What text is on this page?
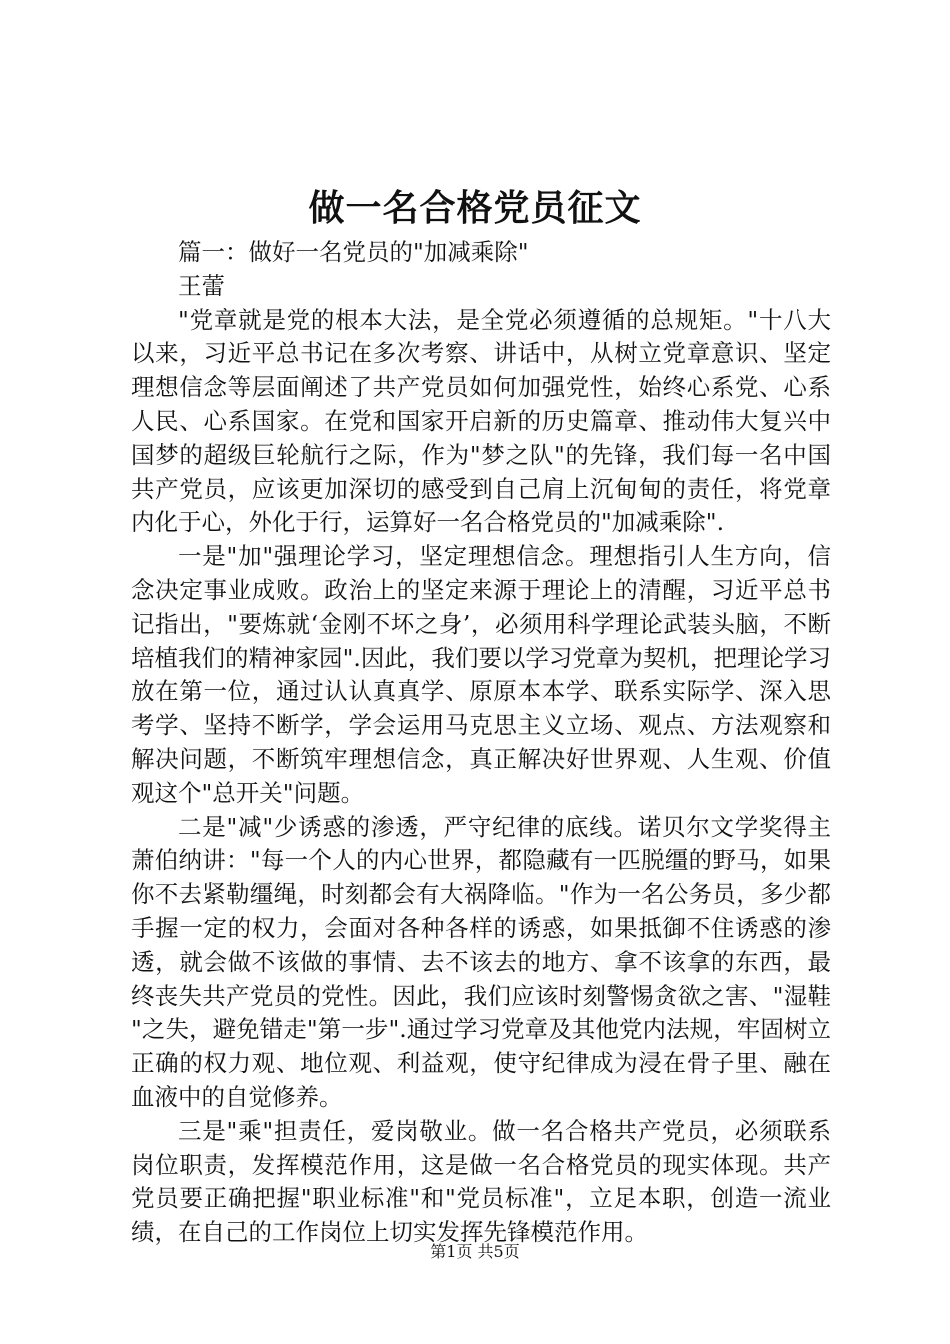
做一名合格党员征文

篇一：做好一名党员的"加减乘除"

王蕾

"党章就是党的根本大法，是全党必须遵循的总规矩。"十八大以来，习近平总书记在多次考察、讲话中，从树立党章意识、坚定理想信念等层面阐述了共产党员如何加强党性，始终心系党、心系人民、心系国家。在党和国家开启新的历史篇章、推动伟大复兴中国梦的超级巨轮航行之际，作为"梦之队"的先锋，我们每一名中国共产党员，应该更加深切的感受到自己肩上沉甸甸的责任，将党章内化于心，外化于行，运算好一名合格党员的"加减乘除".

一是"加"强理论学习，坚定理想信念。理想指引人生方向，信念决定事业成败。政治上的坚定来源于理论上的清醒，习近平总书记指出，"要炼就‘金刚不坏之身’，必须用科学理论武装头脑，不断培植我们的精神家园".因此，我们要以学习党章为契机，把理论学习放在第一位，通过认认真真学、原原本本学、联系实际学、深入思考学、坚持不断学，学会运用马克思主义立场、观点、方法观察和解决问题，不断筑牢理想信念，真正解决好世界观、人生观、价值观这个"总开关"问题。

二是"减"少诱惑的渗透，严守纪律的底线。诺贝尔文学奖得主萧伯纳讲："每一个人的内心世界，都隐藏有一匹脱缰的野马，如果你不去紧勒缰绳，时刻都会有大祸降临。"作为一名公务员，多少都手握一定的权力，会面对各种各样的诱惑，如果抵御不住诱惑的渗透，就会做不该做的事情、去不该去的地方、拿不该拿的东西，最终丧失共产党员的党性。因此，我们应该时刻警惕贪欲之害、"湿鞋"之失，避免错走"第一步".通过学习党章及其他党内法规，牢固树立正确的权力观、地位观、利益观，使守纪律成为浸在骨子里、融在血液中的自觉修养。

三是"乘"担责任，爱岗敬业。做一名合格共产党员，必须联系岗位职责，发挥模范作用，这是做一名合格党员的现实体现。共产党员要正确把握"职业标准"和"党员标准"，立足本职，创造一流业绩，在自己的工作岗位上切实发挥先锋模范作用。

第1页 共5页
